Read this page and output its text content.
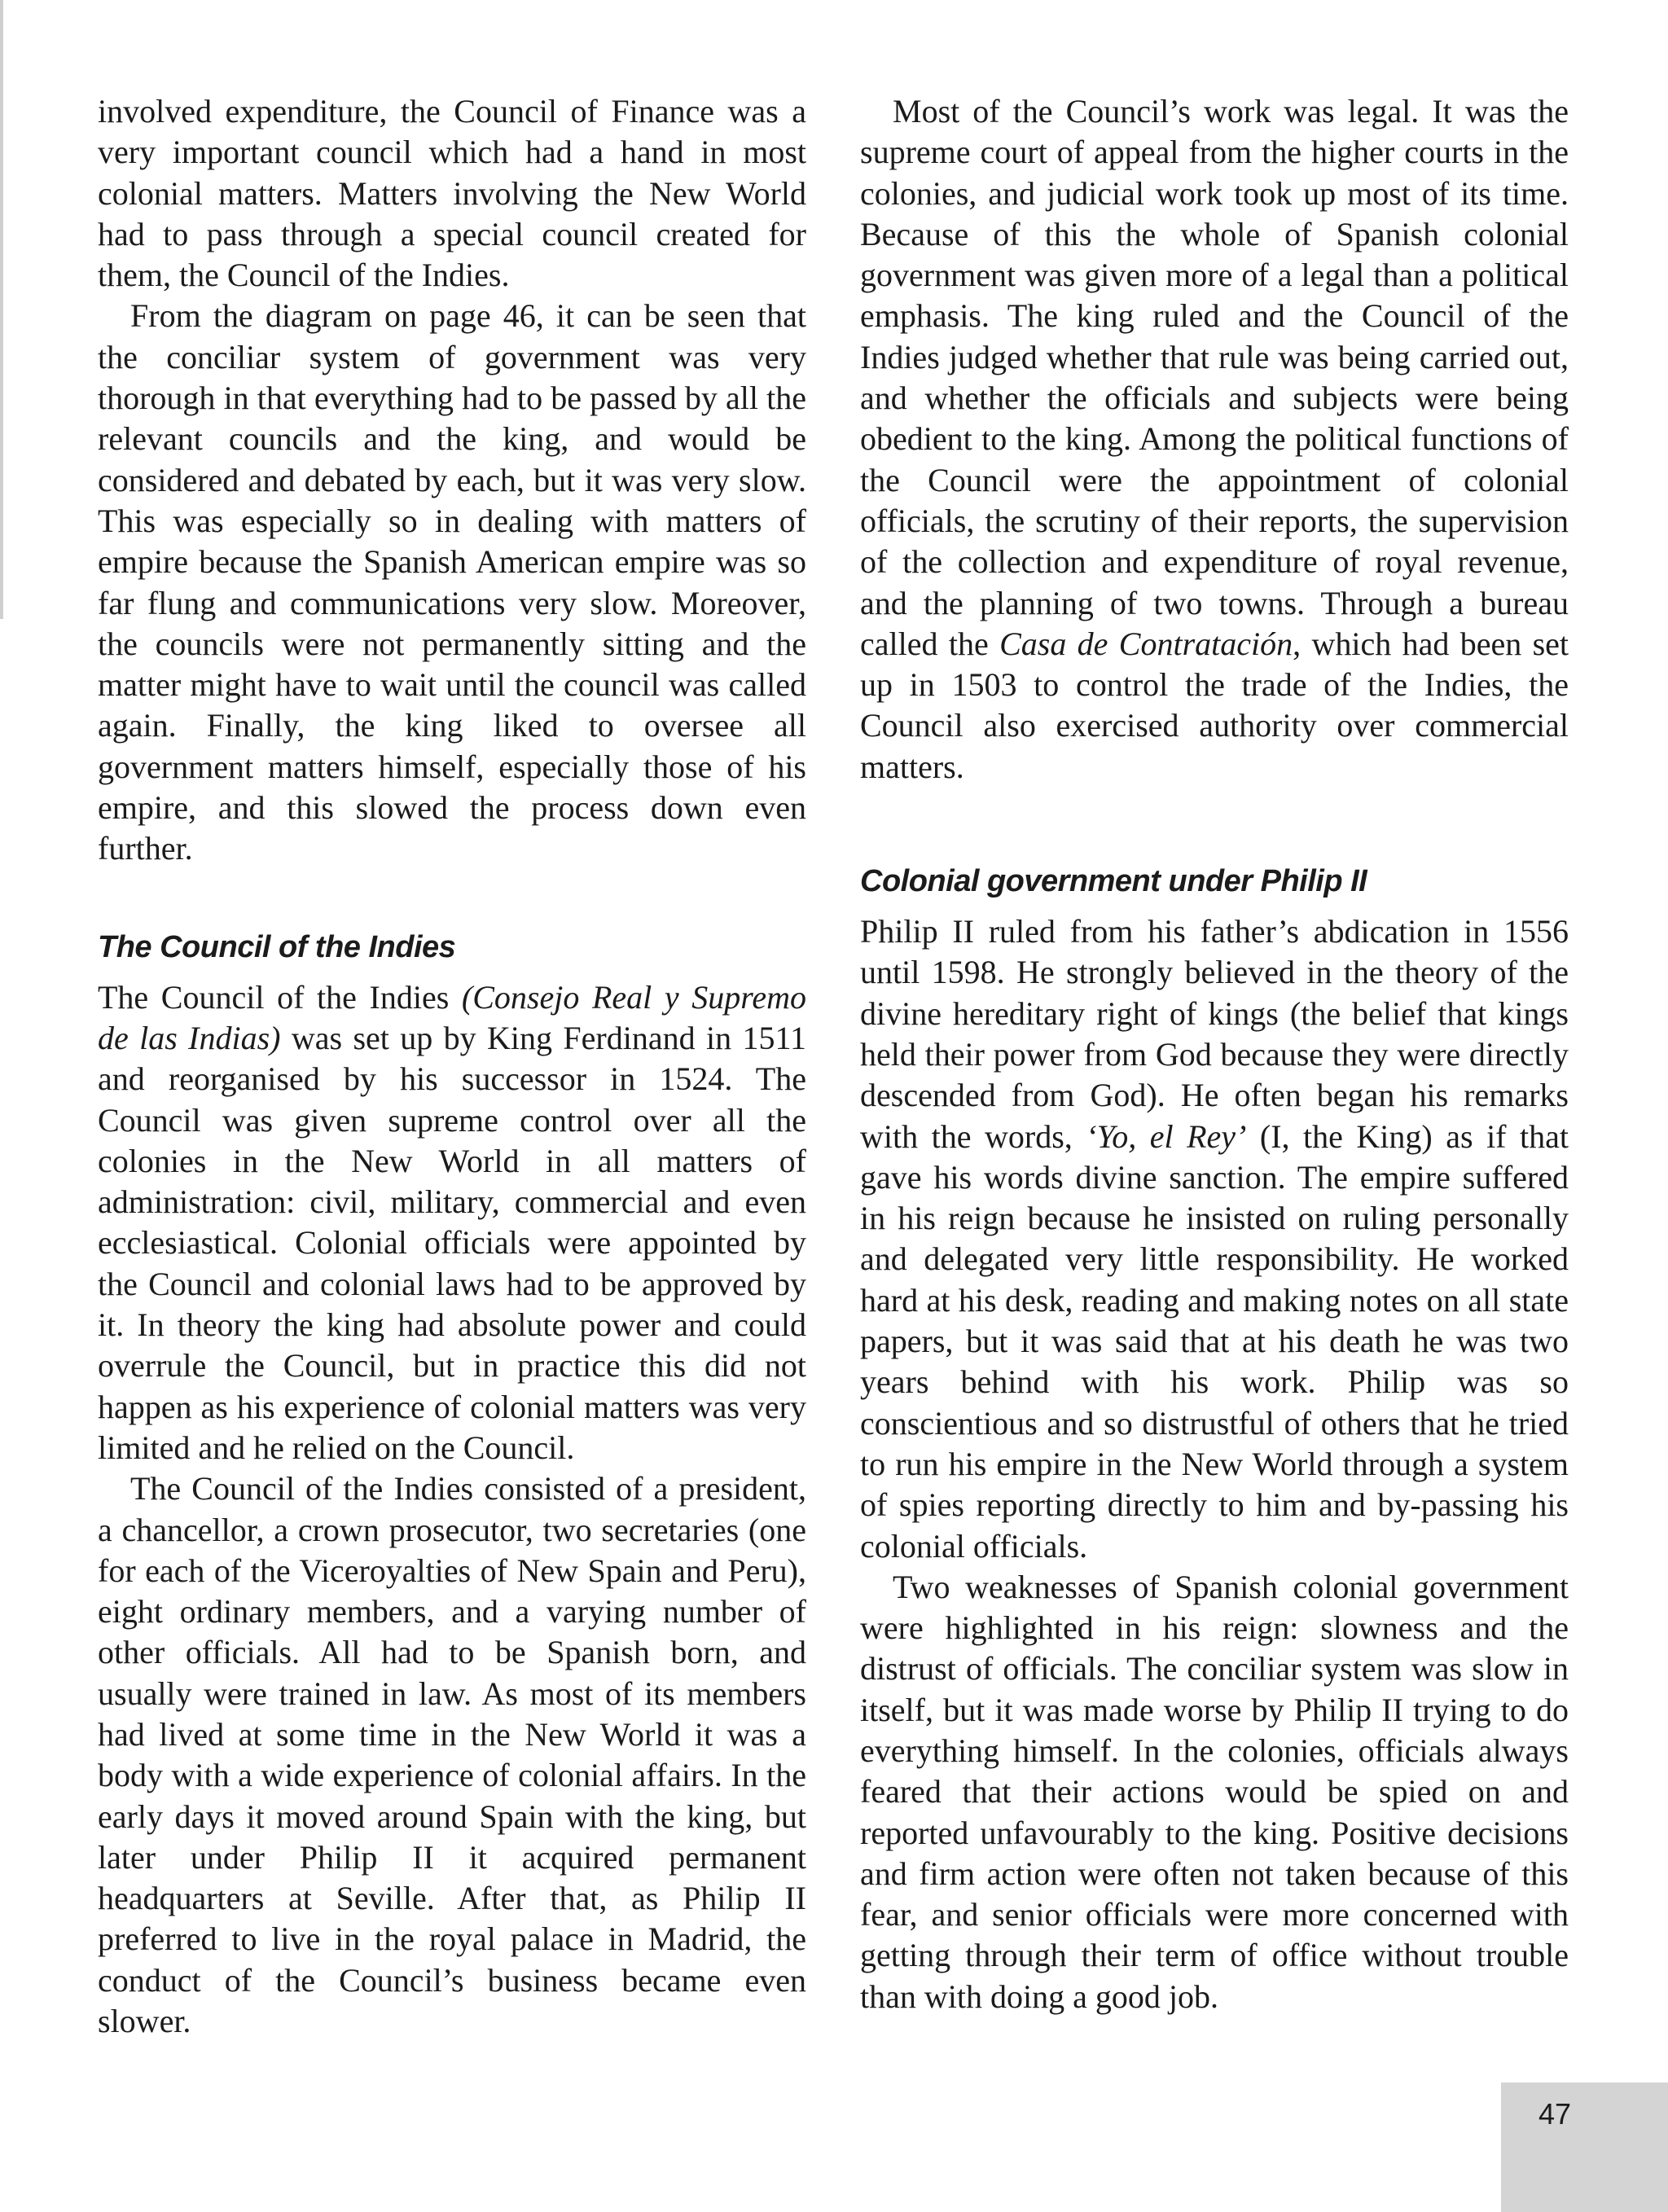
involved expenditure, the Council of Finance was a very important council which had a hand in most colonial matters. Matters involving the New World had to pass through a special council created for them, the Council of the Indies.

From the diagram on page 46, it can be seen that the conciliar system of government was very thorough in that everything had to be passed by all the relevant councils and the king, and would be considered and debated by each, but it was very slow. This was especially so in dealing with matters of empire because the Spanish American empire was so far flung and communications very slow. Moreover, the councils were not permanently sitting and the matter might have to wait until the council was called again. Finally, the king liked to oversee all government matters himself, especially those of his empire, and this slowed the process down even further.

The Council of the Indies

The Council of the Indies (Consejo Real y Supremo de las Indias) was set up by King Ferdinand in 1511 and reorganised by his successor in 1524. The Council was given supreme control over all the colonies in the New World in all matters of administration: civil, military, commercial and even ecclesiastical. Colonial officials were appointed by the Council and colonial laws had to be approved by it. In theory the king had absolute power and could overrule the Council, but in practice this did not happen as his experience of colonial matters was very limited and he relied on the Council.

The Council of the Indies consisted of a president, a chancellor, a crown prosecutor, two secretaries (one for each of the Viceroyalties of New Spain and Peru), eight ordinary members, and a varying number of other officials. All had to be Spanish born, and usually were trained in law. As most of its members had lived at some time in the New World it was a body with a wide experience of colonial affairs. In the early days it moved around Spain with the king, but later under Philip II it acquired permanent headquarters at Seville. After that, as Philip II preferred to live in the royal palace in Madrid, the conduct of the Council’s business became even slower.

Most of the Council’s work was legal. It was the supreme court of appeal from the higher courts in the colonies, and judicial work took up most of its time. Because of this the whole of Spanish colonial government was given more of a legal than a political emphasis. The king ruled and the Council of the Indies judged whether that rule was being carried out, and whether the officials and subjects were being obedient to the king. Among the political functions of the Council were the appointment of colonial officials, the scrutiny of their reports, the supervision of the collection and expenditure of royal revenue, and the planning of two towns. Through a bureau called the Casa de Contratación, which had been set up in 1503 to control the trade of the Indies, the Council also exercised authority over commercial matters.

Colonial government under Philip II

Philip II ruled from his father’s abdication in 1556 until 1598. He strongly believed in the theory of the divine hereditary right of kings (the belief that kings held their power from God because they were directly descended from God). He often began his remarks with the words, ‘Yo, el Rey’ (I, the King) as if that gave his words divine sanction. The empire suffered in his reign because he insisted on ruling personally and delegated very little responsibility. He worked hard at his desk, reading and making notes on all state papers, but it was said that at his death he was two years behind with his work. Philip was so conscientious and so distrustful of others that he tried to run his empire in the New World through a system of spies reporting directly to him and by-passing his colonial officials.

Two weaknesses of Spanish colonial government were highlighted in his reign: slowness and the distrust of officials. The conciliar system was slow in itself, but it was made worse by Philip II trying to do everything himself. In the colonies, officials always feared that their actions would be spied on and reported unfavourably to the king. Positive decisions and firm action were often not taken because of this fear, and senior officials were more concerned with getting through their term of office without trouble than with doing a good job.

47
